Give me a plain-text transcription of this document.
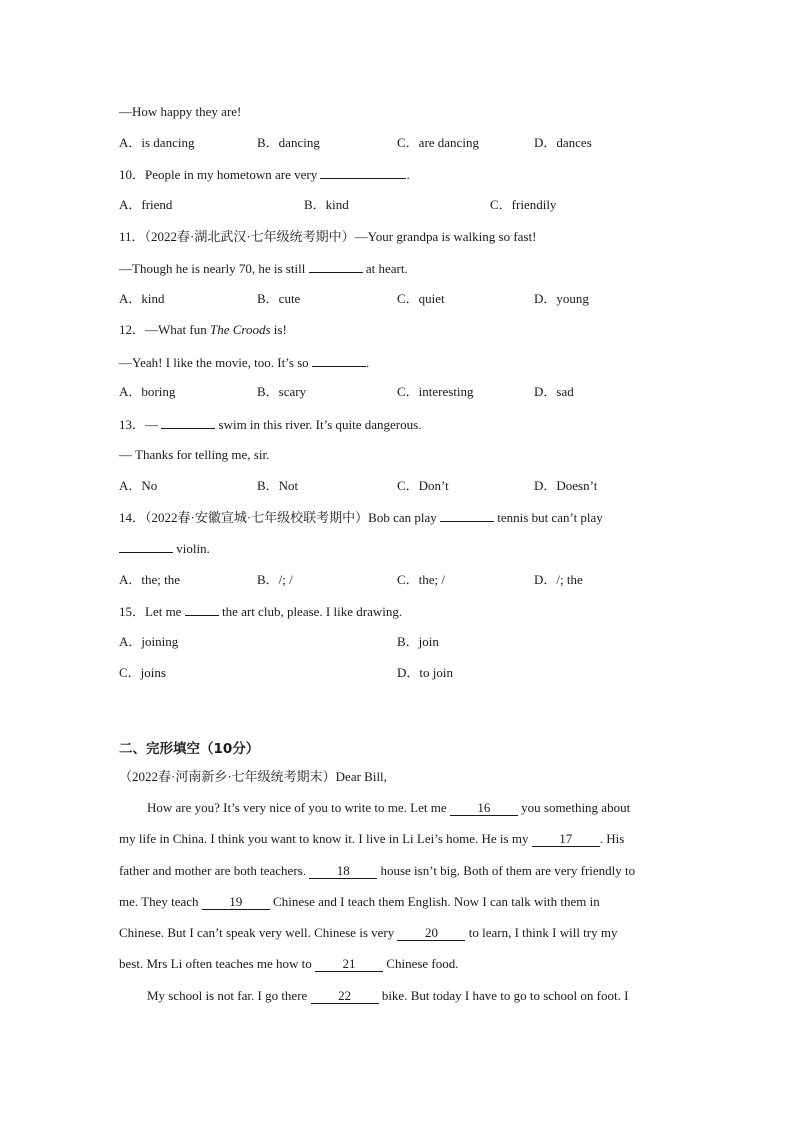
—How happy they are!
A．is dancing	B．dancing	C．are dancing	D．dances
10．People in my hometown are very	.
A．friend	B．kind	C．friendily
11．（2022春·湖北武汉·七年级统考期中）—Your grandpa is walking so fast!
—Though he is nearly 70, he is still	at heart.
A．kind	B．cute	C．quiet	D．young
12．—What fun The Croods is!
—Yeah! I like the movie, too. It’s so	.
A．boring	B．scary	C．interesting	D．sad
13．—	swim in this river. It’s quite dangerous.
— Thanks for telling me, sir.
A．No	B．Not	C．Don’t	D．Doesn’t
14．（2022春·安徽宣城·七年级校联考期中）Bob can play	tennis but can’t play
violin.
A．the; the	B．/; /	C．the; /	D．/; the
15．Let me	the art club, please. I like drawing.
A．joining	B．join
C．joins	D．to join
二、完形填空（10分）
（2022春·河南新乡·七年级统考期末）Dear Bill,
How are you? It’s very nice of you to write to me. Let me 16 you something about
my life in China. I think you want to know it. I live in Li Lei’s home. He is my 17 . His
father and mother are both teachers. 18 house isn’t big. Both of them are very friendly to
me. They teach 19 Chinese and I teach them English. Now I can talk with them in
Chinese. But I can’t speak very well. Chinese is very 20 to learn, I think I will try my
best. Mrs Li often teaches me how to 21 Chinese food.
My school is not far. I go there 22 bike. But today I have to go to school on foot. I
